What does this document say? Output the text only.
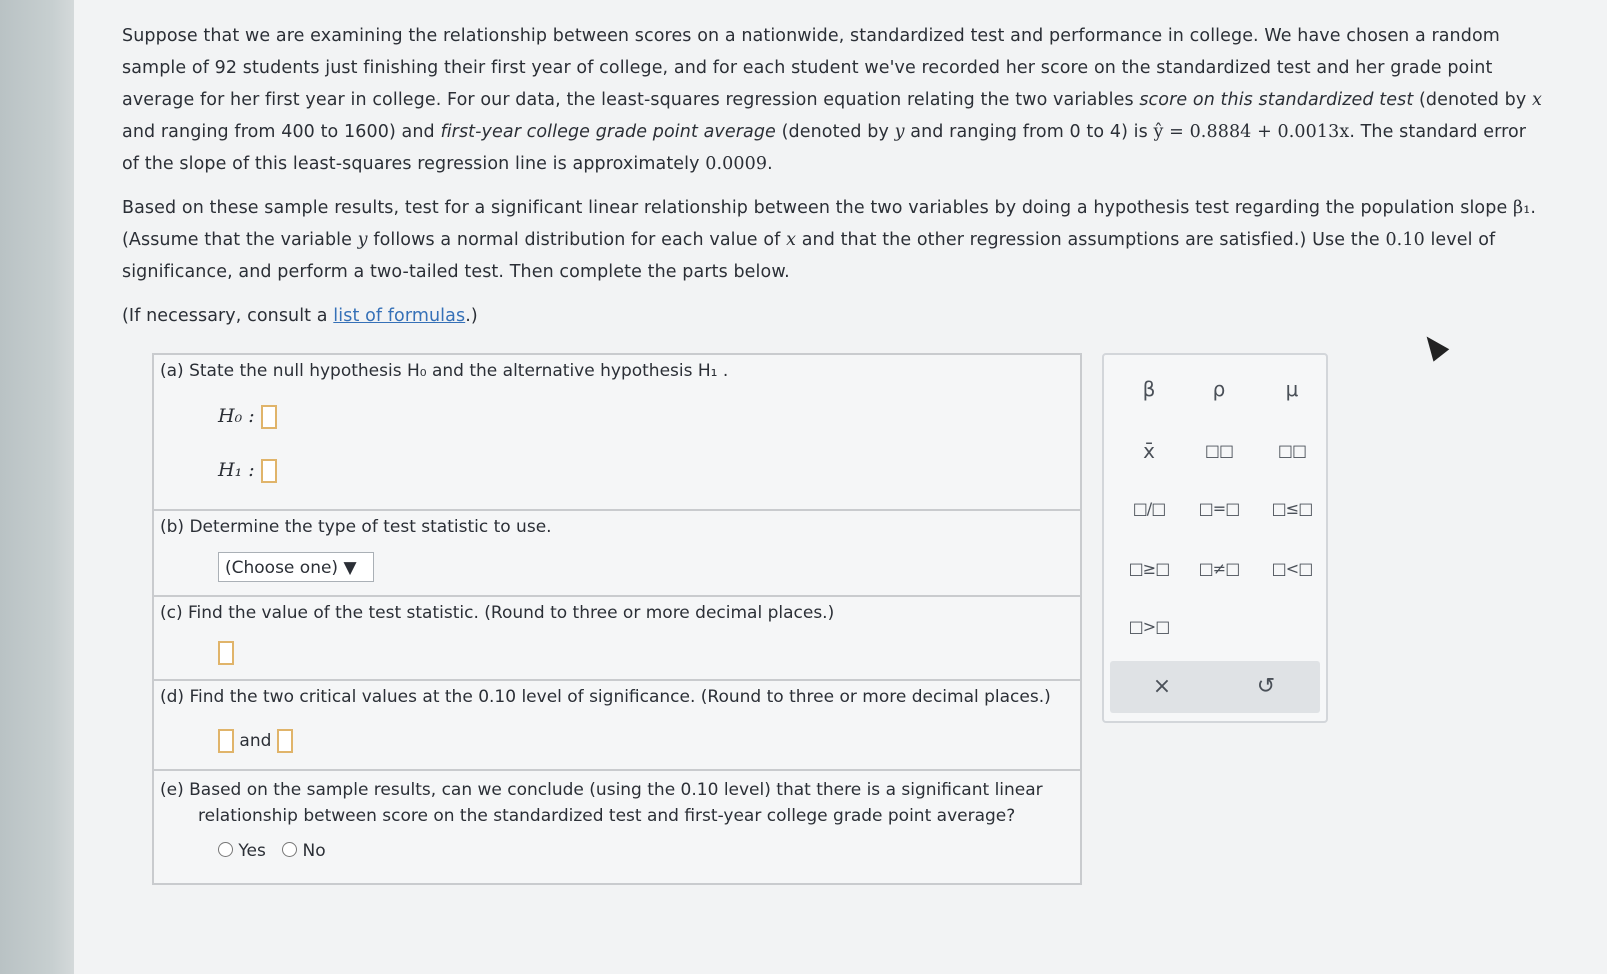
Suppose that we are examining the relationship between scores on a nationwide, standardized test and performance in college. We have chosen a random sample of 92 students just finishing their first year of college, and for each student we've recorded her score on the standardized test and her grade point average for her first year in college. For our data, the least-squares regression equation relating the two variables score on this standardized test (denoted by x and ranging from 400 to 1600) and first-year college grade point average (denoted by y and ranging from 0 to 4) is ŷ = 0.8884 + 0.0013x. The standard error of the slope of this least-squares regression line is approximately 0.0009.

Based on these sample results, test for a significant linear relationship between the two variables by doing a hypothesis test regarding the population slope β₁. (Assume that the variable y follows a normal distribution for each value of x and that the other regression assumptions are satisfied.) Use the 0.10 level of significance, and perform a two-tailed test. Then complete the parts below.

(If necessary, consult a list of formulas.)

(a) State the null hypothesis H₀ and the alternative hypothesis H₁ .
H₀ :
H₁ :
(b) Determine the type of test statistic to use.
(Choose one) ▼
(c) Find the value of the test statistic. (Round to three or more decimal places.)
(d) Find the two critical values at the 0.10 level of significance. (Round to three or more decimal places.)
and
(e) Based on the sample results, can we conclude (using the 0.10 level) that there is a significant linear
relationship between score on the standardized test and first-year college grade point average?
Yes No
β	ρ	μ
x̄	□□	□□
□/□	□=□	□≤□
□≥□	□≠□	□<□
□>□
×	↺
